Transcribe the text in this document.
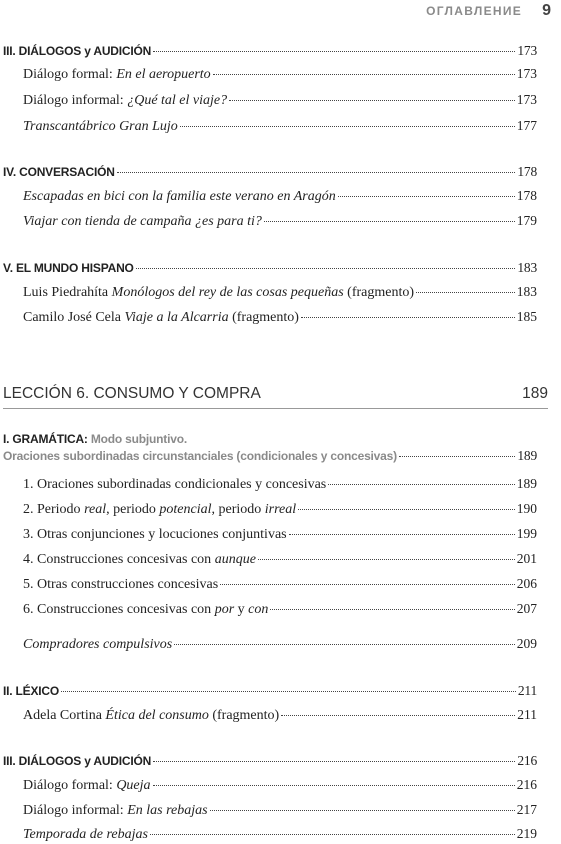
ОГЛАВЛЕНИЕ 9
III. DIÁLOGOS y AUDICIÓN	173
Diálogo formal: En el aeropuerto	173
Diálogo informal: ¿Qué tal el viaje?	173
Transcantábrico Gran Lujo	177
IV. CONVERSACIÓN	178
Escapadas en bici con la familia este verano en Aragón	178
Viajar con tienda de campaña ¿es para ti?	179
V. EL MUNDO HISPANO	183
Luis Piedrahíta Monólogos del rey de las cosas pequeñas (fragmento)	183
Camilo José Cela Viaje a la Alcarria (fragmento)	185
LECCIÓN 6. CONSUMO Y COMPRA	189
I. GRAMÁTICA: Modo subjuntivo.
Oraciones subordinadas circunstanciales (condicionales y concesivas)	189
1. Oraciones subordinadas condicionales y concesivas	189
2. Periodo real, periodo potencial, periodo irreal	190
3. Otras conjunciones y locuciones conjuntivas	199
4. Construcciones concesivas con aunque	201
5. Otras construcciones concesivas	206
6. Construcciones concesivas con por y con	207
Compradores compulsivos	209
II. LÉXICO	211
Adela Cortina Ética del consumo (fragmento)	211
III. DIÁLOGOS y AUDICIÓN	216
Diálogo formal: Queja	216
Diálogo informal: En las rebajas	217
Temporada de rebajas	219
